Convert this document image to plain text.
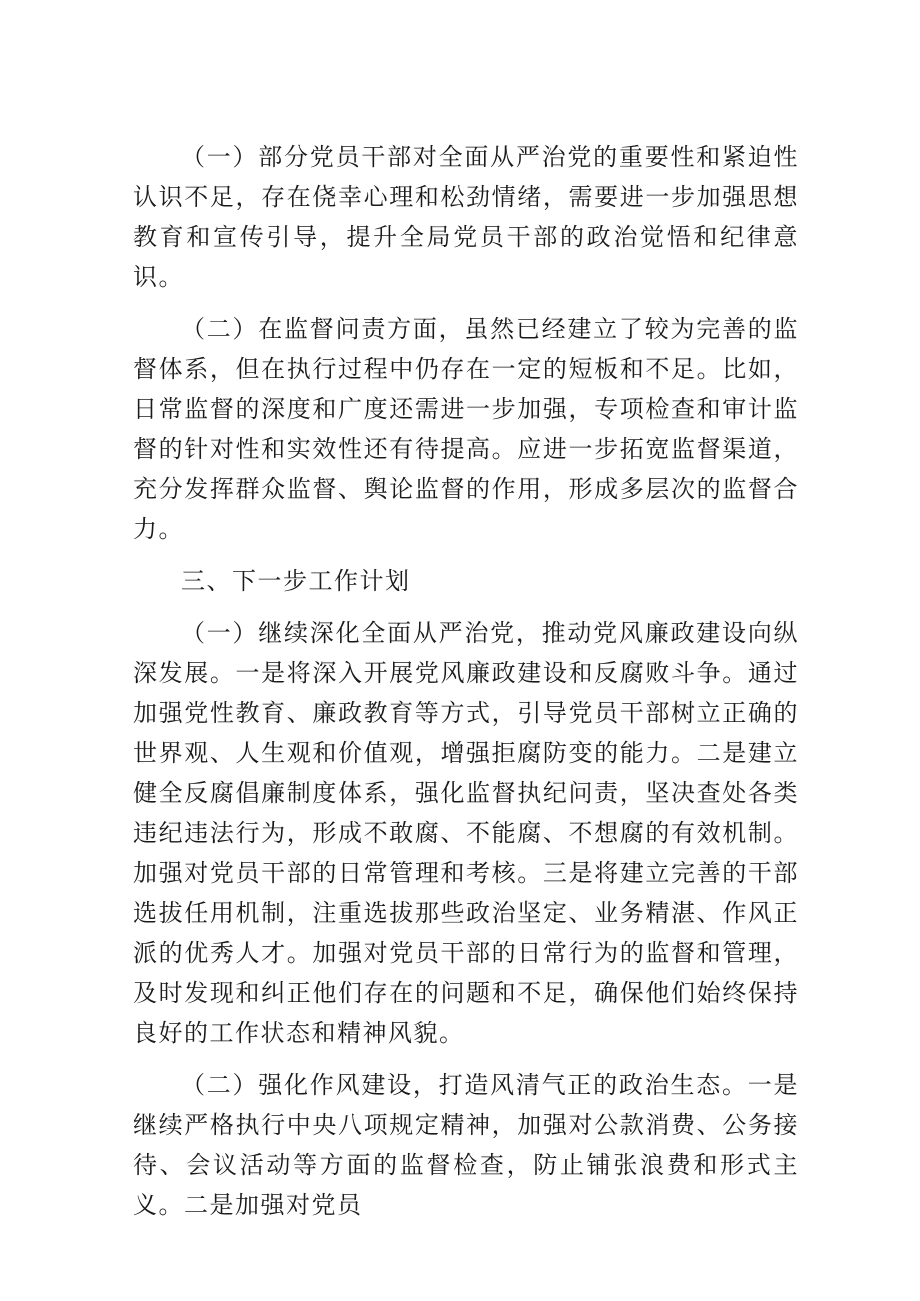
（一）部分党员干部对全面从严治党的重要性和紧迫性认识不足，存在侥幸心理和松劲情绪，需要进一步加强思想教育和宣传引导，提升全局党员干部的政治觉悟和纪律意识。

（二）在监督问责方面，虽然已经建立了较为完善的监督体系，但在执行过程中仍存在一定的短板和不足。比如，日常监督的深度和广度还需进一步加强，专项检查和审计监督的针对性和实效性还有待提高。应进一步拓宽监督渠道，充分发挥群众监督、舆论监督的作用，形成多层次的监督合力。

三、下一步工作计划

（一）继续深化全面从严治党，推动党风廉政建设向纵深发展。一是将深入开展党风廉政建设和反腐败斗争。通过加强党性教育、廉政教育等方式，引导党员干部树立正确的世界观、人生观和价值观，增强拒腐防变的能力。二是建立健全反腐倡廉制度体系，强化监督执纪问责，坚决查处各类违纪违法行为，形成不敢腐、不能腐、不想腐的有效机制。加强对党员干部的日常管理和考核。三是将建立完善的干部选拔任用机制，注重选拔那些政治坚定、业务精湛、作风正派的优秀人才。加强对党员干部的日常行为的监督和管理，及时发现和纠正他们存在的问题和不足，确保他们始终保持良好的工作状态和精神风貌。

（二）强化作风建设，打造风清气正的政治生态。一是继续严格执行中央八项规定精神，加强对公款消费、公务接待、会议活动等方面的监督检查，防止铺张浪费和形式主义。二是加强对党员
